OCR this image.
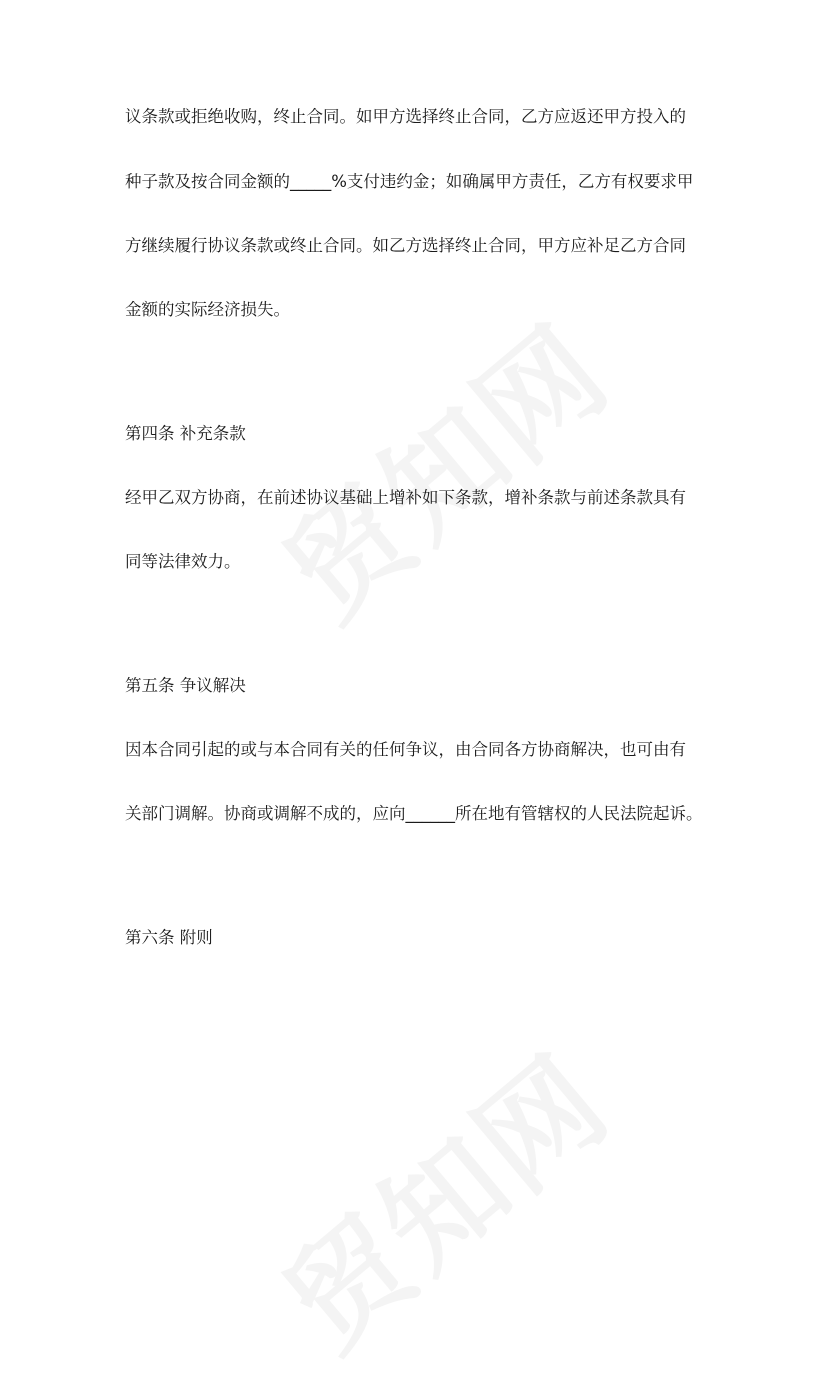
议条款或拒绝收购，终止合同。如甲方选择终止合同，乙方应返还甲方投入的
种子款及按合同金额的_____%支付违约金；如确属甲方责任，乙方有权要求甲
方继续履行协议条款或终止合同。如乙方选择终止合同，甲方应补足乙方合同
金额的实际经济损失。
第四条 补充条款
经甲乙双方协商，在前述协议基础上增补如下条款，增补条款与前述条款具有
同等法律效力。
第五条 争议解决
因本合同引起的或与本合同有关的任何争议，由合同各方协商解决，也可由有
关部门调解。协商或调解不成的，应向______所在地有管辖权的人民法院起诉。
第六条 附则
